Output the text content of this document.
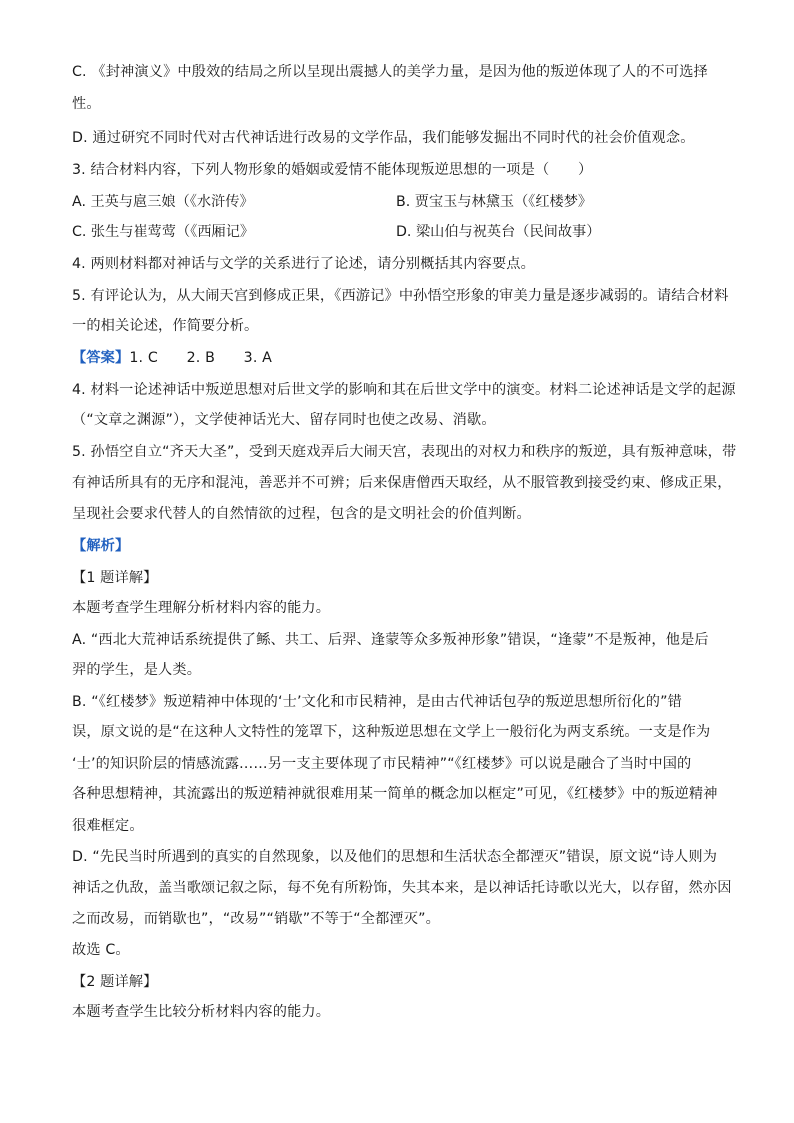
C. 《封神演义》中殷效的结局之所以呈现出震撼人的美学力量，是因为他的叛逆体现了人的不可选择
性。
D. 通过研究不同时代对古代神话进行改易的文学作品，我们能够发掘出不同时代的社会价值观念。
3. 结合材料内容，下列人物形象的婚姻或爱情不能体现叛逆思想的一项是（　　）
A. 王英与扈三娘（《水浒传》	B. 贾宝玉与林黛玉（《红楼梦》
C. 张生与崔莺莺（《西厢记》	D. 梁山伯与祝英台（民间故事）
4. 两则材料都对神话与文学的关系进行了论述，请分别概括其内容要点。
5. 有评论认为，从大闹天宫到修成正果，《西游记》中孙悟空形象的审美力量是逐步减弱的。请结合材料
一的相关论述，作简要分析。
【答案】1. C　　2. B　　3. A
4. 材料一论述神话中叛逆思想对后世文学的影响和其在后世文学中的演变。材料二论述神话是文学的起源
（“文章之渊源”），文学使神话光大、留存同时也使之改易、消歇。
5. 孙悟空自立“齐天大圣”，受到天庭戏弄后大闹天宫，表现出的对权力和秩序的叛逆，具有叛神意味，带
有神话所具有的无序和混沌，善恶并不可辨；后来保唐僧西天取经，从不服管教到接受约束、修成正果，
呈现社会要求代替人的自然情欲的过程，包含的是文明社会的价值判断。
【解析】
【1 题详解】
本题考查学生理解分析材料内容的能力。
A. “西北大荒神话系统提供了鲧、共工、后羿、逢蒙等众多叛神形象”错误，“逢蒙”不是叛神，他是后
羿的学生，是人类。
B. “《红楼梦》叛逆精神中体现的‘士’文化和市民精神，是由古代神话包孕的叛逆思想所衍化的”错
误，原文说的是“在这种人文特性的笼罩下，这种叛逆思想在文学上一般衍化为两支系统。一支是作为
‘士’的知识阶层的情感流露……另一支主要体现了市民精神”“《红楼梦》可以说是融合了当时中国的
各种思想精神，其流露出的叛逆精神就很难用某一简单的概念加以框定”可见，《红楼梦》中的叛逆精神
很难框定。
D. “先民当时所遇到的真实的自然现象，以及他们的思想和生活状态全都湮灭”错误，原文说“诗人则为
神话之仇敌，盖当歌颂记叙之际，每不免有所粉饰，失其本来，是以神话托诗歌以光大，以存留，然亦因
之而改易，而销歇也”，“改易”“销歇”不等于“全都湮灭”。
故选 C。
【2 题详解】
本题考查学生比较分析材料内容的能力。
